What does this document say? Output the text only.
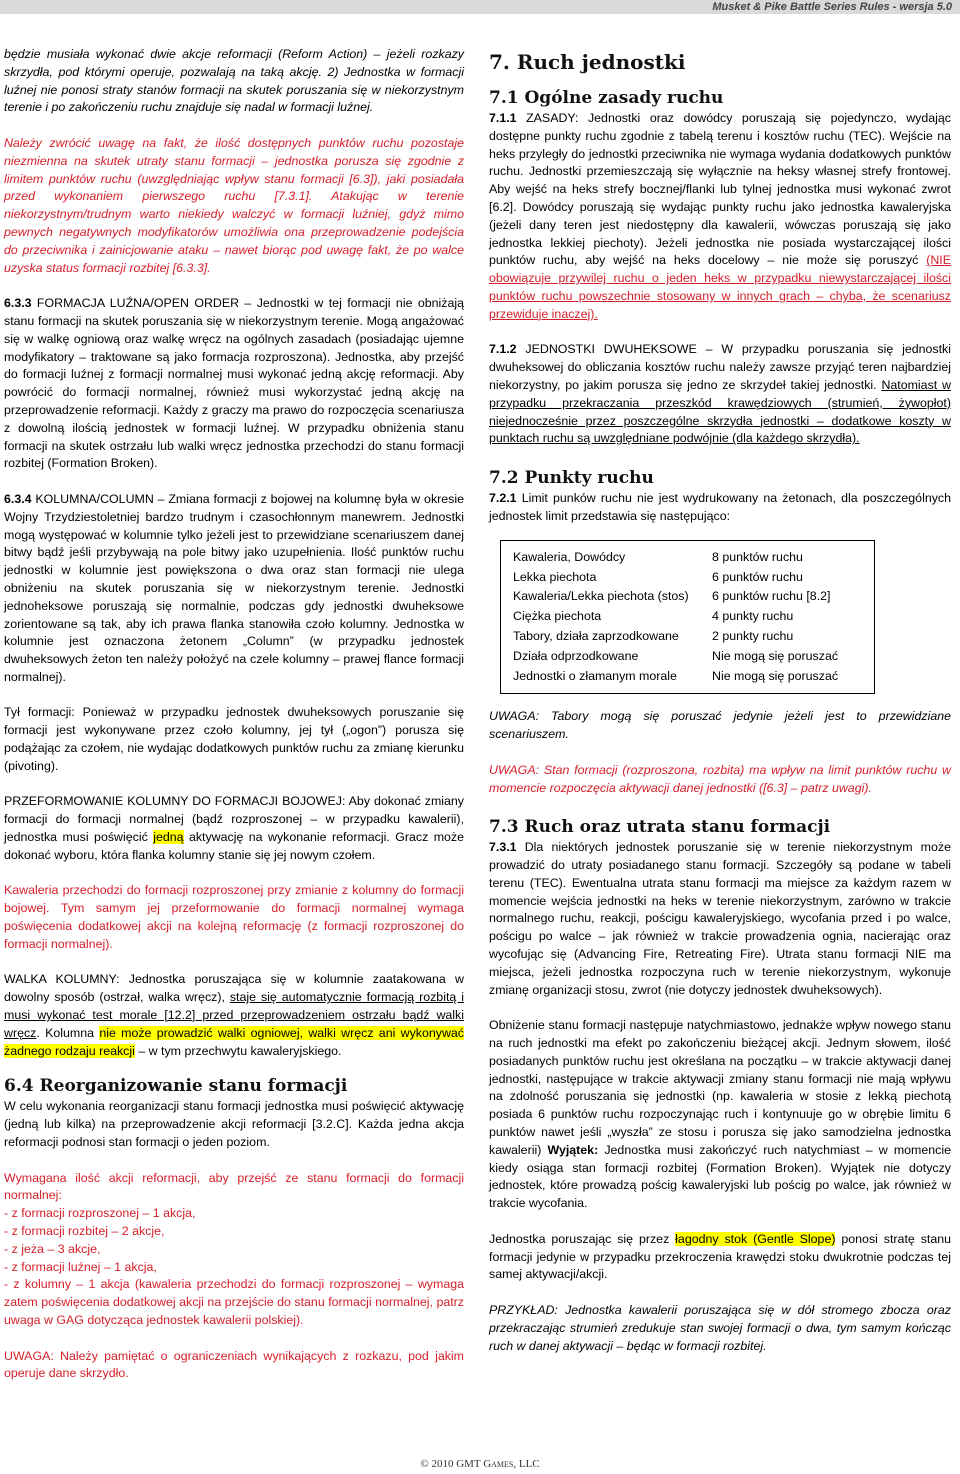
Musket & Pike Battle Series Rules - wersja 5.0

będzie musiała wykonać dwie akcje reformacji (Reform Action) – jeżeli rozkazy skrzydła, pod którymi operuje, pozwalają na taką akcję. 2) Jednostka w formacji luźnej nie ponosi straty stanów formacji na skutek poruszania się w niekorzystnym terenie i po zakończeniu ruchu znajduje się nadal w formacji luźnej.

Należy zwrócić uwagę na fakt, że ilość dostępnych punktów ruchu pozostaje niezmienna na skutek utraty stanu formacji – jednostka porusza się zgodnie z limitem punktów ruchu (uwzględniając wpływ stanu formacji [6.3]), jaki posiadała przed wykonaniem pierwszego ruchu [7.3.1]. Atakując w terenie niekorzystnym/trudnym warto niekiedy walczyć w formacji luźniej, gdyż mimo pewnych negatywnych modyfikatorów umożliwia ona przeprowadzenie podejścia do przeciwnika i zainicjowanie ataku – nawet biorąc pod uwagę fakt, że po walce uzyska status formacji rozbitej [6.3.3].

6.3.3 FORMACJA LUŹNA/OPEN ORDER – Jednostki w tej formacji nie obniżają stanu formacji na skutek poruszania się w niekorzystnym terenie. Mogą angażować się w walkę ogniową oraz walkę wręcz na ogólnych zasadach (posiadając ujemne modyfikatory – traktowane są jako formacja rozproszona). Jednostka, aby przejść do formacji luźnej z formacji normalnej musi wykonać jedną akcję reformacji. Aby powrócić do formacji normalnej, również musi wykorzystać jedną akcję na przeprowadzenie reformacji. Każdy z graczy ma prawo do rozpoczęcia scenariusza z dowolną ilością jednostek w formacji luźnej. W przypadku obniżenia stanu formacji na skutek ostrzału lub walki wręcz jednostka przechodzi do stanu formacji rozbitej (Formation Broken).

6.3.4 KOLUMNA/COLUMN – Zmiana formacji z bojowej na kolumnę była w okresie Wojny Trzydziestoletniej bardzo trudnym i czasochłonnym manewrem. Jednostki mogą występować w kolumnie tylko jeżeli jest to przewidziane scenariuszem danej bitwy bądź jeśli przybywają na pole bitwy jako uzupełnienia. Ilość punktów ruchu jednostki w kolumnie jest powiększona o dwa oraz stan formacji nie ulega obniżeniu na skutek poruszania się w niekorzystnym terenie. Jednostki jednoheksowe poruszają się normalnie, podczas gdy jednostki dwuheksowe zorientowane są tak, aby ich prawa flanka stanowiła czoło kolumny. Jednostka w kolumnie jest oznaczona żetonem „Column” (w przypadku jednostek dwuheksowych żeton ten należy położyć na czele kolumny – prawej flance formacji normalnej).

Tył formacji: Ponieważ w przypadku jednostek dwuheksowych poruszanie się formacji jest wykonywane przez czoło kolumny, jej tył („ogon”) porusza się podążając za czołem, nie wydając dodatkowych punktów ruchu za zmianę kierunku (pivoting).

PRZEFORMOWANIE KOLUMNY DO FORMACJI BOJOWEJ: Aby dokonać zmiany formacji do formacji normalnej (bądź rozproszonej – w przypadku kawalerii), jednostka musi poświęcić jedną aktywację na wykonanie reformacji. Gracz może dokonać wyboru, która flanka kolumny stanie się jej nowym czołem.

Kawaleria przechodzi do formacji rozproszonej przy zmianie z kolumny do formacji bojowej. Tym samym jej przeformowanie do formacji normalnej wymaga poświęcenia dodatkowej akcji na kolejną reformację (z formacji rozproszonej do formacji normalnej).

WALKA KOLUMNY: Jednostka poruszająca się w kolumnie zaatakowana w dowolny sposób (ostrzał, walka wręcz), staje się automatycznie formacją rozbitą i musi wykonać test morale [12.2] przed przeprowadzeniem ostrzału bądź walki wręcz. Kolumna nie może prowadzić walki ogniowej, walki wręcz ani wykonywać żadnego rodzaju reakcji – w tym przechwytu kawaleryjskiego.

6.4 Reorganizowanie stanu formacji

W celu wykonania reorganizacji stanu formacji jednostka musi poświęcić aktywację (jedną lub kilka) na przeprowadzenie akcji reformacji [3.2.C]. Każda jedna akcja reformacji podnosi stan formacji o jeden poziom.

Wymagana ilość akcji reformacji, aby przejść ze stanu formacji do formacji normalnej:
- z formacji rozproszonej – 1 akcja,
- z formacji rozbitej – 2 akcje,
- z jeża – 3 akcje,
- z formacji luźnej – 1 akcja,
- z kolumny – 1 akcja (kawaleria przechodzi do formacji rozproszonej – wymaga zatem poświęcenia dodatkowej akcji na przejście do stanu formacji normalnej, patrz uwaga w GAG dotycząca jednostek kawalerii polskiej).

UWAGA: Należy pamiętać o ograniczeniach wynikających z rozkazu, pod jakim operuje dane skrzydło.

7. Ruch jednostki
7.1 Ogólne zasady ruchu

7.1.1 ZASADY: Jednostki oraz dowódcy poruszają się pojedynczo, wydając dostępne punkty ruchu zgodnie z tabelą terenu i kosztów ruchu (TEC). Wejście na heks przyległy do jednostki przeciwnika nie wymaga wydania dodatkowych punktów ruchu. Jednostki przemieszczają się wyłącznie na heksy własnej strefy frontowej. Aby wejść na heks strefy bocznej/flanki lub tylnej jednostka musi wykonać zwrot [6.2]. Dowódcy poruszają się wydając punkty ruchu jako jednostka kawaleryjska (jeżeli dany teren jest niedostępny dla kawalerii, wówczas poruszają się jako jednostka lekkiej piechoty). Jeżeli jednostka nie posiada wystarczającej ilości punktów ruchu, aby wejść na heks docelowy – nie może się poruszyć (NIE obowiązuje przywilej ruchu o jeden heks w przypadku niewystarczającej ilości punktów ruchu powszechnie stosowany w innych grach – chyba, że scenariusz przewiduje inaczej).

7.1.2 JEDNOSTKI DWUHEKSOWE – W przypadku poruszania się jednostki dwuheksowej do obliczania kosztów ruchu należy zawsze przyjąć teren najbardziej niekorzystny, po jakim porusza się jedno ze skrzydeł takiej jednostki. Natomiast w przypadku przekraczania przeszkód krawędziowych (strumień, żywopłot) niejednocześnie przez poszczególne skrzydła jednostki – dodatkowe koszty w punktach ruchu są uwzględniane podwójnie (dla każdego skrzydła).

7.2 Punkty ruchu

7.2.1 Limit punków ruchu nie jest wydrukowany na żetonach, dla poszczególnych jednostek limit przedstawia się następująco:

Kawaleria, Dowódcy	8 punktów ruchu
Lekka piechota	6 punktów ruchu
Kawaleria/Lekka piechota (stos)	6 punktów ruchu [8.2]
Ciężka piechota	4 punkty ruchu
Tabory, działa zaprzodkowane	2 punkty ruchu
Działa odprzodkowane	Nie mogą się poruszać
Jednostki o złamanym morale	Nie mogą się poruszać

UWAGA: Tabory mogą się poruszać jedynie jeżeli jest to przewidziane scenariuszem.

UWAGA: Stan formacji (rozproszona, rozbita) ma wpływ na limit punktów ruchu w momencie rozpoczęcia aktywacji danej jednostki ([6.3] – patrz uwagi).

7.3 Ruch oraz utrata stanu formacji

7.3.1 Dla niektórych jednostek poruszanie się w terenie niekorzystnym może prowadzić do utraty posiadanego stanu formacji. Szczegóły są podane w tabeli terenu (TEC). Ewentualna utrata stanu formacji ma miejsce za każdym razem w momencie wejścia jednostki na heks w terenie niekorzystnym, zarówno w trakcie normalnego ruchu, reakcji, pościgu kawaleryjskiego, wycofania przed i po walce, pościgu po walce – jak również w trakcie prowadzenia ognia, nacierając oraz wycofując się (Advancing Fire, Retreating Fire). Utrata stanu formacji NIE ma miejsca, jeżeli jednostka rozpoczyna ruch w terenie niekorzystnym, wykonuje zmianę organizacji stosu, zwrot (nie dotyczy jednostek dwuheksowych).

Obniżenie stanu formacji następuje natychmiastowo, jednakże wpływ nowego stanu na ruch jednostki ma efekt po zakończeniu bieżącej akcji. Jednym słowem, ilość posiadanych punktów ruchu jest określana na początku – w trakcie aktywacji danej jednostki, następujące w trakcie aktywacji zmiany stanu formacji nie mają wpływu na zdolność poruszania się jednostki (np. kawaleria w stosie z lekką piechotą posiada 6 punktów ruchu rozpoczynając ruch i kontynuuje go w obrębie limitu 6 punktów nawet jeśli „wyszła” ze stosu i porusza się jako samodzielna jednostka kawalerii) Wyjątek: Jednostka musi zakończyć ruch natychmiast – w momencie kiedy osiąga stan formacji rozbitej (Formation Broken). Wyjątek nie dotyczy jednostek, które prowadzą pościg kawaleryjski lub pościg po walce, jak również w trakcie wycofania.

Jednostka poruszając się przez łagodny stok (Gentle Slope) ponosi stratę stanu formacji jedynie w przypadku przekroczenia krawędzi stoku dwukrotnie podczas tej samej aktywacji/akcji.

PRZYKŁAD: Jednostka kawalerii poruszająca się w dół stromego zbocza oraz przekraczając strumień zredukuje stan swojej formacji o dwa, tym samym kończąc ruch w danej aktywacji – będąc w formacji rozbitej.

© 2010 GMT Games, LLC
